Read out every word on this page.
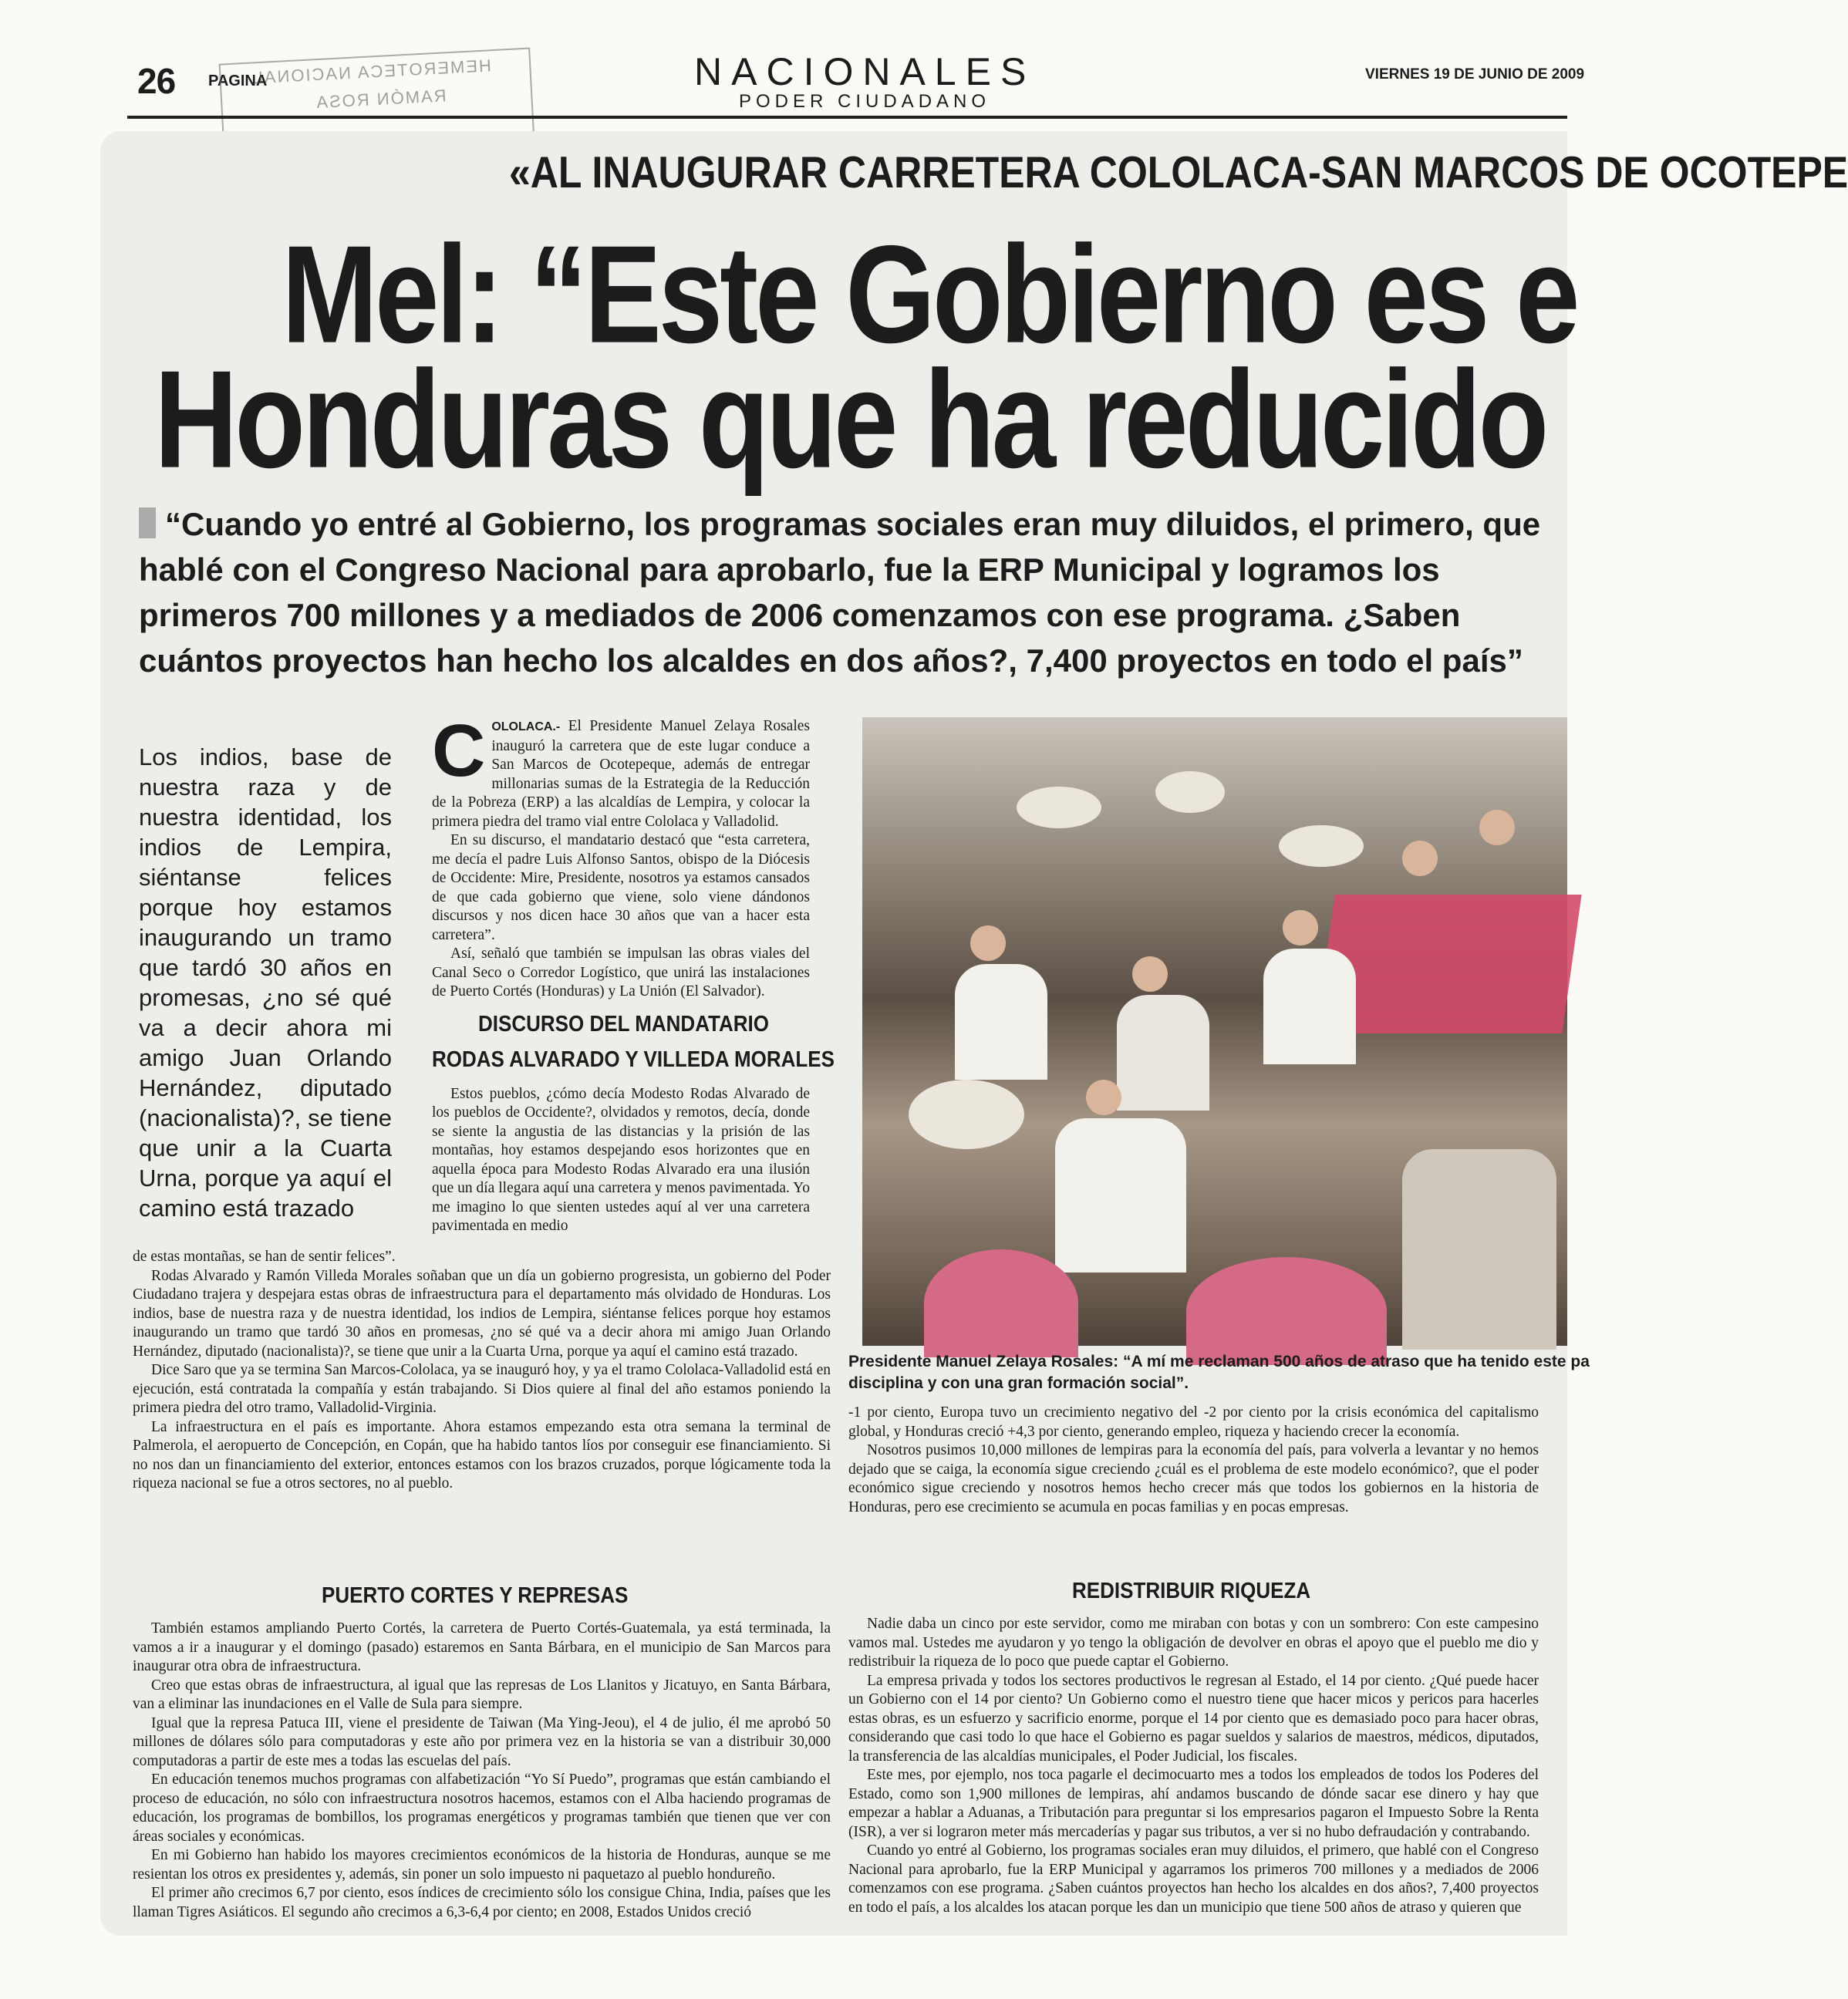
26 PAGINA
HEMEROTECA NACIONAL
RAMÓN ROSA
NACIONALES
PODER CIUDADANO
VIERNES 19 DE JUNIO DE 2009
«AL INAUGURAR CARRETERA COLOLACA-SAN MARCOS DE OCOTEPE
Mel: “Este Gobierno es e
Honduras que ha reducido
“Cuando yo entré al Gobierno, los programas sociales eran muy diluidos, el primero, que hablé con el Congreso Nacional para aprobarlo, fue la ERP Municipal y logramos los primeros 700 millones y a mediados de 2006 comenzamos con ese programa. ¿Saben cuántos proyectos han hecho los alcaldes en dos años?, 7,400 proyectos en todo el país”
Los indios, base de nuestra raza y de nuestra identidad, los indios de Lempira, siéntanse felices porque hoy estamos inaugurando un tramo que tardó 30 años en promesas, ¿no sé qué va a decir ahora mi amigo Juan Orlando Hernández, diputado (nacionalista)?, se tiene que unir a la Cuarta Urna, porque ya aquí el camino está trazado

COLOLACA.- El Presidente Manuel Zelaya Rosales inauguró la carretera que de este lugar conduce a San Marcos de Ocotepeque, además de entregar millonarias sumas de la Estrategia de la Reducción de la Pobreza (ERP) a las alcaldías de Lempira, y colocar la primera piedra del tramo vial entre Cololaca y Valladolid.

En su discurso, el mandatario destacó que “esta carretera, me decía el padre Luis Alfonso Santos, obispo de la Diócesis de Occidente: Mire, Presidente, nosotros ya estamos cansados de que cada gobierno que viene, solo viene dándonos discursos y nos dicen hace 30 años que van a hacer esta carretera”.

Así, señaló que también se impulsan las obras viales del Canal Seco o Corredor Logístico, que unirá las instalaciones de Puerto Cortés (Honduras) y La Unión (El Salvador).

DISCURSO DEL MANDATARIO
RODAS ALVARADO Y VILLEDA MORALES

Estos pueblos, ¿cómo decía Modesto Rodas Alvarado de los pueblos de Occidente?, olvidados y remotos, decía, donde se siente la angustia de las distancias y la prisión de las montañas, hoy estamos despejando esos horizontes que en aquella época para Modesto Rodas Alvarado era una ilusión que un día llegara aquí una carretera y menos pavimentada. Yo me imagino lo que sienten ustedes aquí al ver una carretera pavimentada en medio

Presidente Manuel Zelaya Rosales: “A mí me reclaman 500 años de atraso que ha tenido este pa
disciplina y con una gran formación social”.

de estas montañas, se han de sentir felices”.

Rodas Alvarado y Ramón Villeda Morales soñaban que un día un gobierno progresista, un gobierno del Poder Ciudadano trajera y despejara estas obras de infraestructura para el departamento más olvidado de Honduras. Los indios, base de nuestra raza y de nuestra identidad, los indios de Lempira, siéntanse felices porque hoy estamos inaugurando un tramo que tardó 30 años en promesas, ¿no sé qué va a decir ahora mi amigo Juan Orlando Hernández, diputado (nacionalista)?, se tiene que unir a la Cuarta Urna, porque ya aquí el camino está trazado.

Dice Saro que ya se termina San Marcos-Cololaca, ya se inauguró hoy, y ya el tramo Cololaca-Valladolid está en ejecución, está contratada la compañía y están trabajando. Si Dios quiere al final del año estamos poniendo la primera piedra del otro tramo, Valladolid-Virginia.

La infraestructura en el país es importante. Ahora estamos empezando esta otra semana la terminal de Palmerola, el aeropuerto de Concepción, en Copán, que ha habido tantos líos por conseguir ese financiamiento. Si no nos dan un financiamiento del exterior, entonces estamos con los brazos cruzados, porque lógicamente toda la riqueza nacional se fue a otros sectores, no al pueblo.

PUERTO CORTES Y REPRESAS

También estamos ampliando Puerto Cortés, la carretera de Puerto Cortés-Guatemala, ya está terminada, la vamos a ir a inaugurar y el domingo (pasado) estaremos en Santa Bárbara, en el municipio de San Marcos para inaugurar otra obra de infraestructura.

Creo que estas obras de infraestructura, al igual que las represas de Los Llanitos y Jicatuyo, en Santa Bárbara, van a eliminar las inundaciones en el Valle de Sula para siempre.

Igual que la represa Patuca III, viene el presidente de Taiwan (Ma Ying-Jeou), el 4 de julio, él me aprobó 50 millones de dólares sólo para computadoras y este año por primera vez en la historia se van a distribuir 30,000 computadoras a partir de este mes a todas las escuelas del país.

En educación tenemos muchos programas con alfabetización “Yo Sí Puedo”, programas que están cambiando el proceso de educación, no sólo con infraestructura nosotros hacemos, estamos con el Alba haciendo programas de educación, los programas de bombillos, los programas energéticos y programas también que tienen que ver con áreas sociales y económicas.

En mi Gobierno han habido los mayores crecimientos económicos de la historia de Honduras, aunque se me resientan los otros ex presidentes y, además, sin poner un solo impuesto ni paquetazo al pueblo hondureño.

El primer año crecimos 6,7 por ciento, esos índices de crecimiento sólo los consigue China, India, países que les llaman Tigres Asiáticos. El segundo año crecimos a 6,3-6,4 por ciento; en 2008, Estados Unidos creció

-1 por ciento, Europa tuvo un crecimiento negativo del -2 por ciento por la crisis económica del capitalismo global, y Honduras creció +4,3 por ciento, generando empleo, riqueza y haciendo crecer la economía.

Nosotros pusimos 10,000 millones de lempiras para la economía del país, para volverla a levantar y no hemos dejado que se caiga, la economía sigue creciendo ¿cuál es el problema de este modelo económico?, que el poder económico sigue creciendo y nosotros hemos hecho crecer más que todos los gobiernos en la historia de Honduras, pero ese crecimiento se acumula en pocas familias y en pocas empresas.

REDISTRIBUIR RIQUEZA

Nadie daba un cinco por este servidor, como me miraban con botas y con un sombrero: Con este campesino vamos mal. Ustedes me ayudaron y yo tengo la obligación de devolver en obras el apoyo que el pueblo me dio y redistribuir la riqueza de lo poco que puede captar el Gobierno.

La empresa privada y todos los sectores productivos le regresan al Estado, el 14 por ciento. ¿Qué puede hacer un Gobierno con el 14 por ciento? Un Gobierno como el nuestro tiene que hacer micos y pericos para hacerles estas obras, es un esfuerzo y sacrificio enorme, porque el 14 por ciento que es demasiado poco para hacer obras, considerando que casi todo lo que hace el Gobierno es pagar sueldos y salarios de maestros, médicos, diputados, la transferencia de las alcaldías municipales, el Poder Judicial, los fiscales.

Este mes, por ejemplo, nos toca pagarle el decimocuarto mes a todos los empleados de todos los Poderes del Estado, como son 1,900 millones de lempiras, ahí andamos buscando de dónde sacar ese dinero y hay que empezar a hablar a Aduanas, a Tributación para preguntar si los empresarios pagaron el Impuesto Sobre la Renta (ISR), a ver si lograron meter más mercaderías y pagar sus tributos, a ver si no hubo defraudación y contrabando.

Cuando yo entré al Gobierno, los programas sociales eran muy diluidos, el primero, que hablé con el Congreso Nacional para aprobarlo, fue la ERP Municipal y agarramos los primeros 700 millones y a mediados de 2006 comenzamos con ese programa. ¿Saben cuántos proyectos han hecho los alcaldes en dos años?, 7,400 proyectos en todo el país, a los alcaldes los atacan porque les dan un municipio que tiene 500 años de atraso y quieren que
